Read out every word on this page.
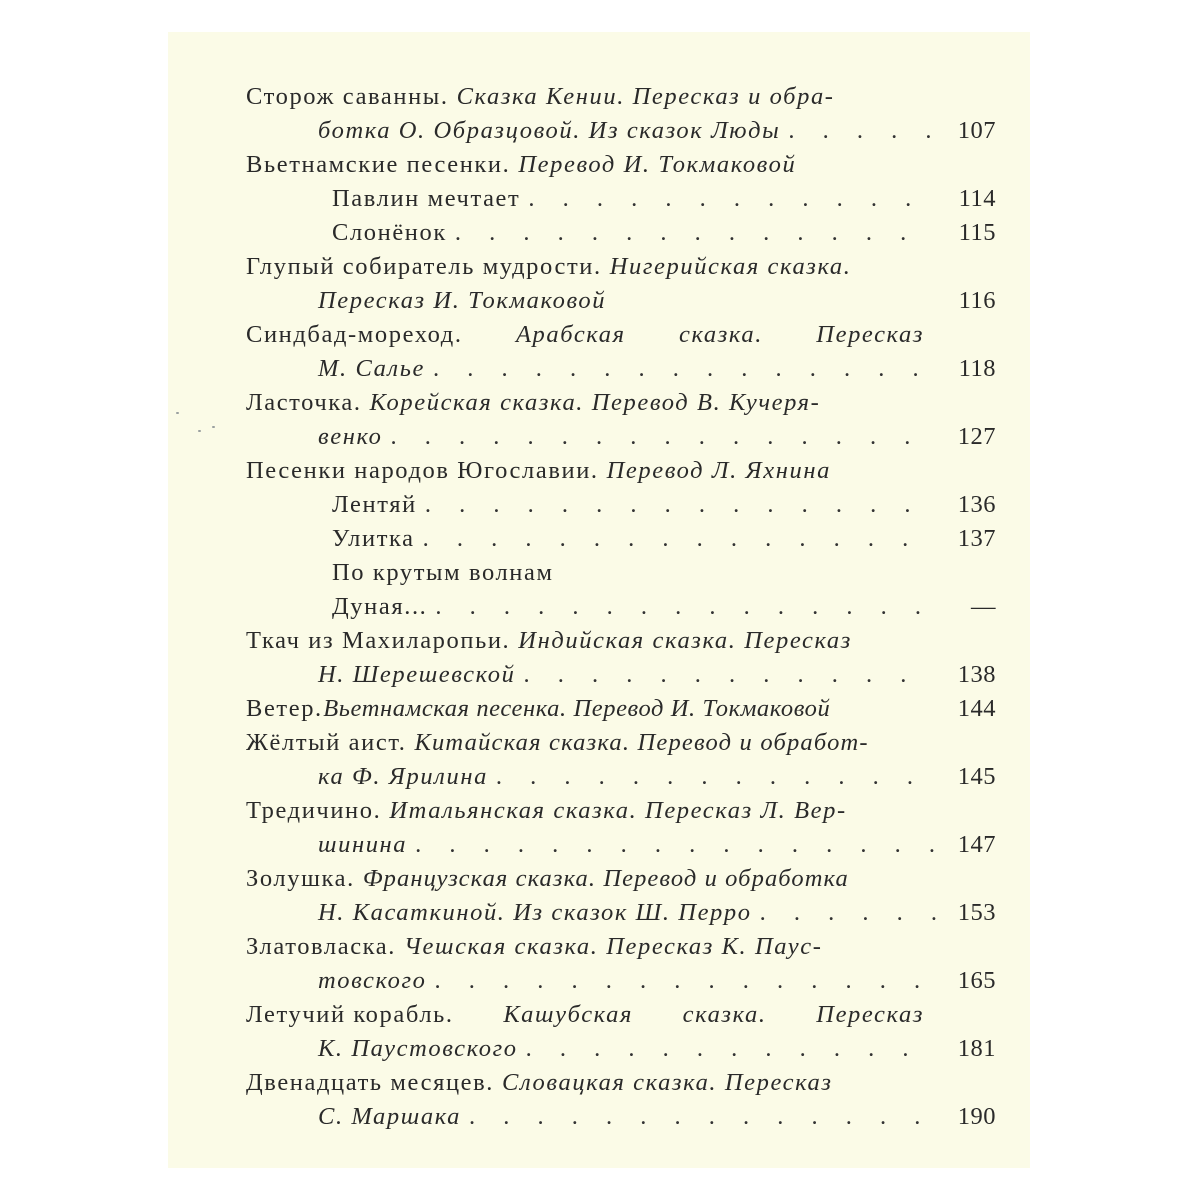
Сторож саванны. Сказка Кении. Пересказ и обра-
ботка О. Образцовой. Из сказок Люды . . .	107
Вьетнамские песенки. Перевод И. Токмаковой
Павлин мечтает . . .	114
Слонёнок . . .	115
Глупый собиратель мудрости. Нигерийская сказка.
Пересказ И. Токмаковой	116
Синдбад-мореход. Арабская сказка. Пересказ
М. Салье . . .	118
Ласточка. Корейская сказка. Перевод В. Кучеря-
венко . . .	127
Песенки народов Югославии. Перевод Л. Яхнина
Лентяй . . .	136
Улитка . . .	137
По крутым волнам
Дуная... . . .	—
Ткач из Махиларопьи. Индийская сказка. Пересказ
Н. Шерешевской . . .	138
Ветер. Вьетнамская песенка. Перевод И. Токмаковой	144
Жёлтый аист. Китайская сказка. Перевод и обработ-
ка Ф. Ярилина . . .	145
Тредичино. Итальянская сказка. Пересказ Л. Вер-
шинина . . .	147
Золушка. Французская сказка. Перевод и обработка
Н. Касаткиной. Из сказок Ш. Перро . . .	153
Златовласка. Чешская сказка. Пересказ К. Паус-
товского . . .	165
Летучий корабль. Кашубская сказка. Пересказ
К. Паустовского . . .	181
Двенадцать месяцев. Словацкая сказка. Пересказ
С. Маршака . . .	190
